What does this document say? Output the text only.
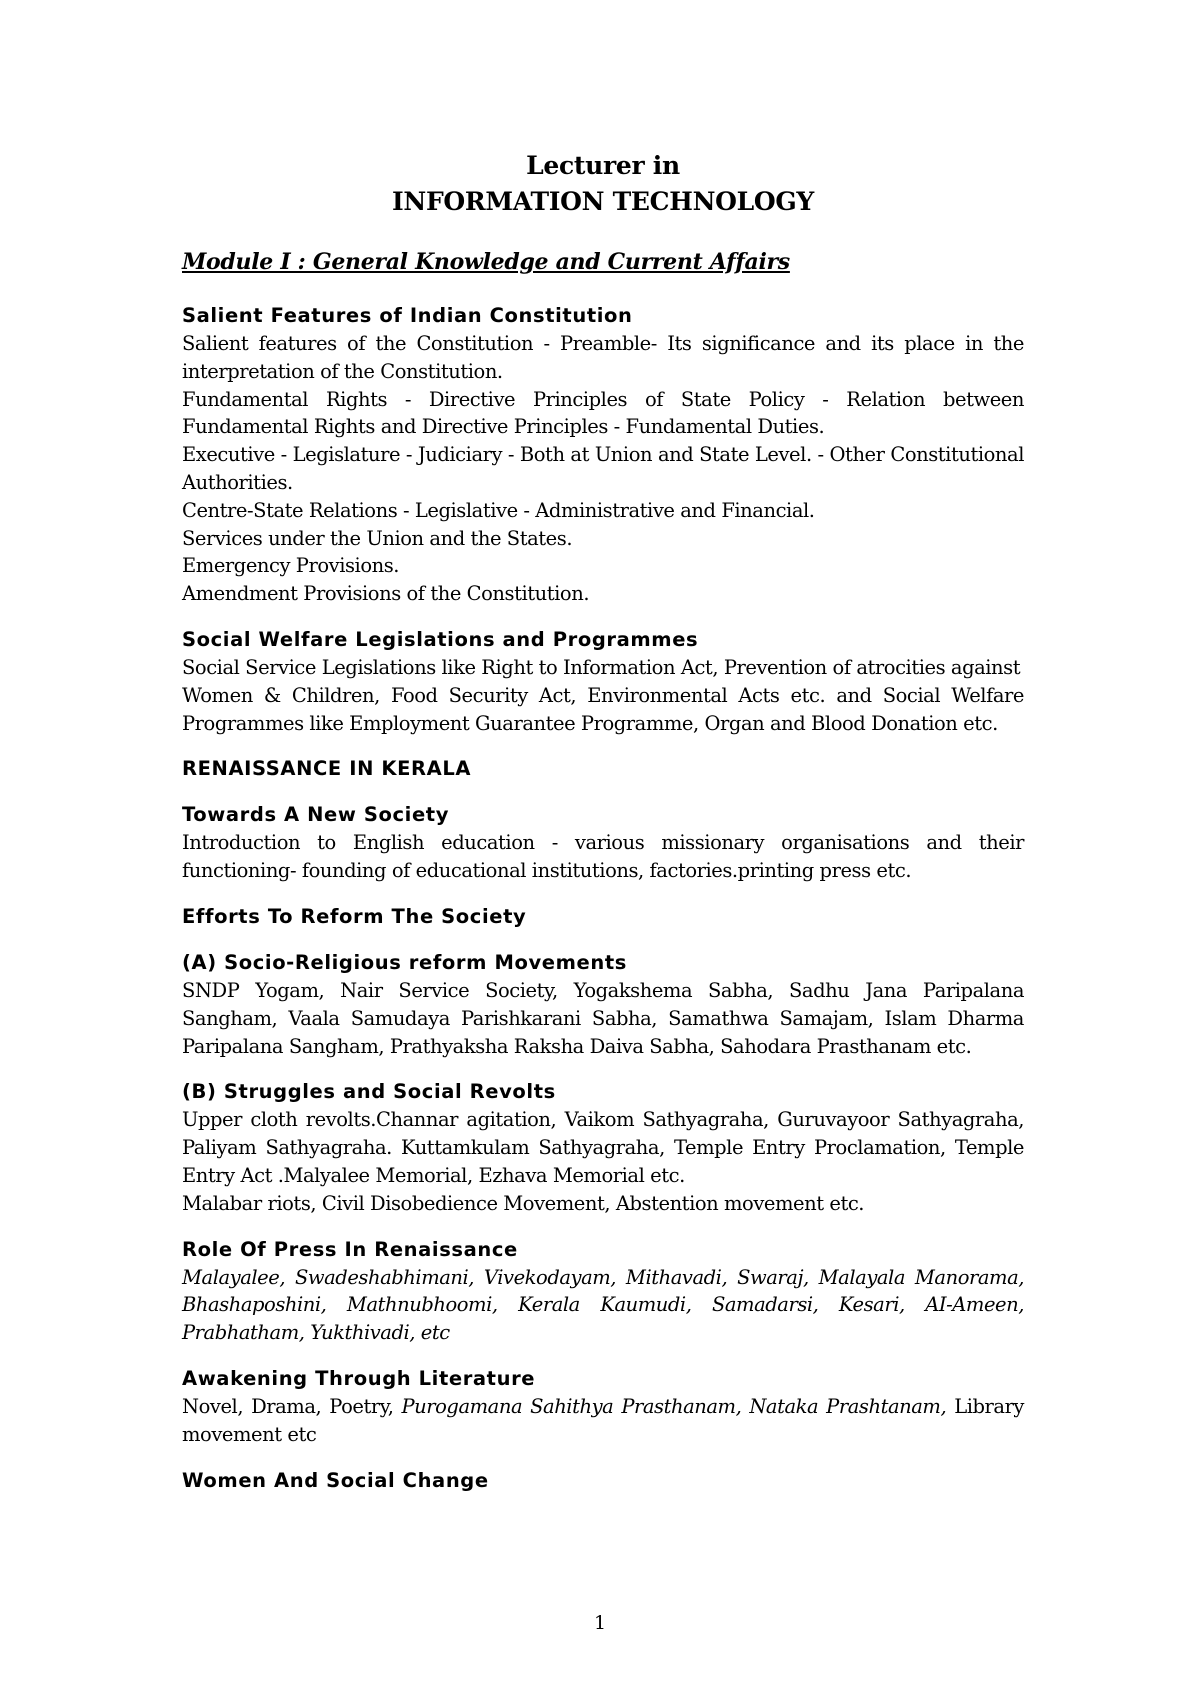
Lecturer in
INFORMATION TECHNOLOGY
Module I : General Knowledge and Current Affairs
Salient Features of Indian Constitution

Salient features of the Constitution - Preamble- Its significance and its place in the interpretation of the Constitution.

Fundamental Rights - Directive Principles of State Policy - Relation between Fundamental Rights and Directive Principles - Fundamental Duties.

Executive - Legislature - Judiciary - Both at Union and State Level. - Other Constitutional Authorities.

Centre-State Relations - Legislative - Administrative and Financial.

Services under the Union and the States.

Emergency Provisions.

Amendment Provisions of the Constitution.

Social Welfare Legislations and Programmes

Social Service Legislations like Right to Information Act, Prevention of atrocities against

Women & Children, Food Security Act, Environmental Acts etc. and Social Welfare Programmes like Employment Guarantee Programme, Organ and Blood Donation etc.

RENAISSANCE IN KERALA
Towards A New Society

Introduction to English education - various missionary organisations and their functioning- founding of educational institutions, factories.printing press etc.

Efforts To Reform The Society
(A) Socio-Religious reform Movements

SNDP Yogam, Nair Service Society, Yogakshema Sabha, Sadhu Jana Paripalana Sangham, Vaala Samudaya Parishkarani Sabha, Samathwa Samajam, Islam Dharma Paripalana Sangham, Prathyaksha Raksha Daiva Sabha, Sahodara Prasthanam etc.

(B) Struggles and Social Revolts

Upper cloth revolts.Channar agitation, Vaikom Sathyagraha, Guruvayoor Sathyagraha, Paliyam Sathyagraha. Kuttamkulam Sathyagraha, Temple Entry Proclamation, Temple Entry Act .Malyalee Memorial, Ezhava Memorial etc.

Malabar riots, Civil Disobedience Movement, Abstention movement etc.

Role Of Press In Renaissance

Malayalee, Swadeshabhimani, Vivekodayam, Mithavadi, Swaraj, Malayala Manorama, Bhashaposhini, Mathnubhoomi, Kerala Kaumudi, Samadarsi, Kesari, AI-Ameen, Prabhatham, Yukthivadi, etc

Awakening Through Literature

Novel, Drama, Poetry, Purogamana Sahithya Prasthanam, Nataka Prashtanam, Library movement etc

Women And Social Change
1
